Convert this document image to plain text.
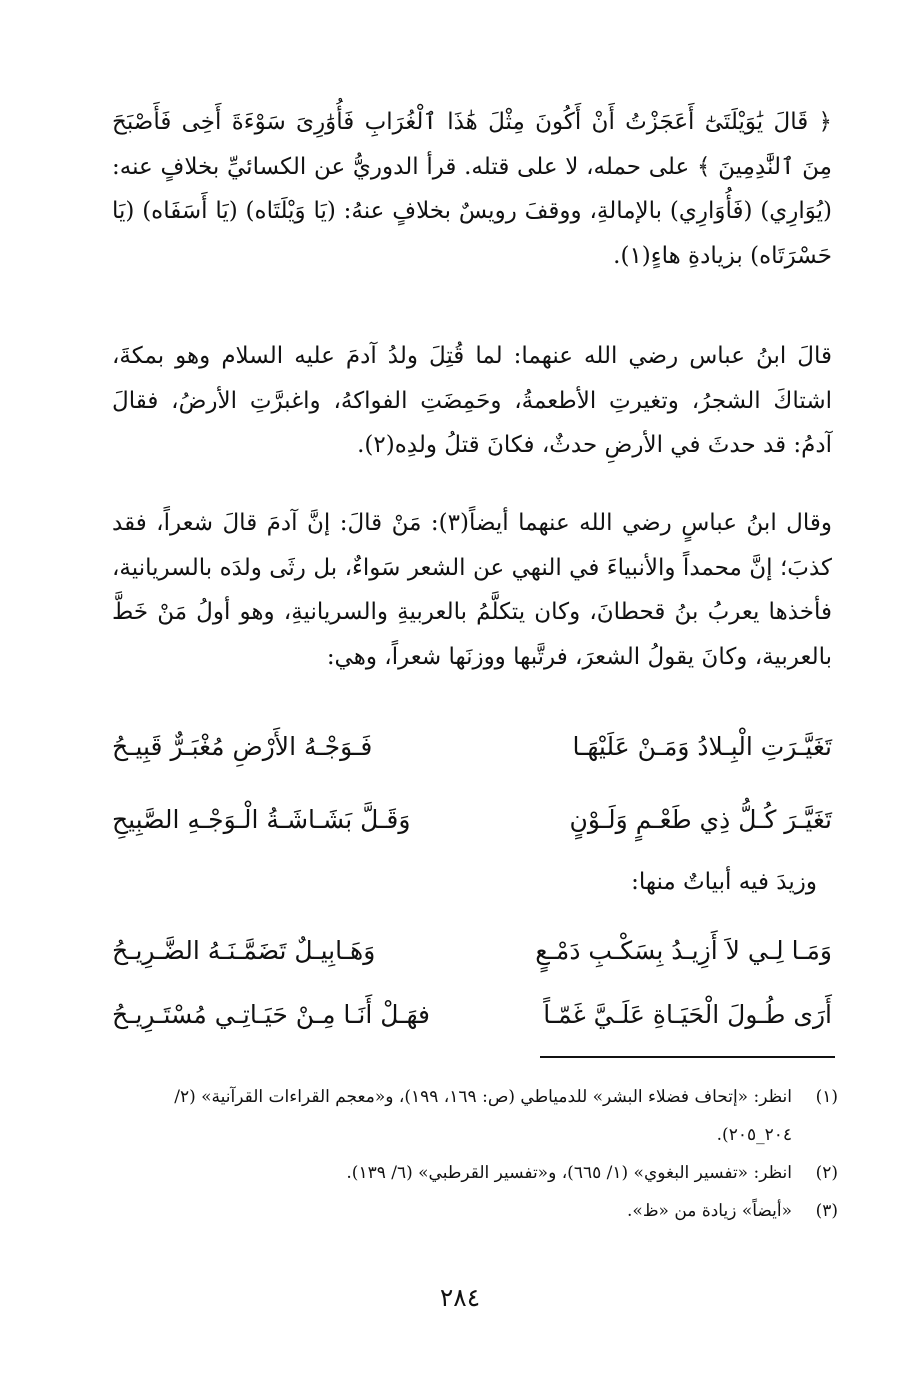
﴿ قَالَ يَٰوَيْلَتَىٰٓ أَعَجَزْتُ أَنْ أَكُونَ مِثْلَ هَٰذَا ٱلْغُرَابِ فَأُوَٰرِىَ سَوْءَةَ أَخِى فَأَصْبَحَ مِنَ ٱلنَّٰدِمِينَ ﴾ على حمله، لا على قتله. قرأ الدوريُّ عن الكسائيِّ بخلافٍ عنه: (يُوَارِي) (فَأُوَارِي) بالإمالةِ، ووقفَ رويسٌ بخلافٍ عنهُ: (يَا وَيْلَتَاه) (يَا أَسَفَاه) (يَا حَسْرَتَاه) بزيادةِ هاءٍ(١).
قالَ ابنُ عباس رضي الله عنهما: لما قُتِلَ ولدُ آدمَ عليه السلام وهو بمكةَ، اشتاكَ الشجرُ، وتغيرتِ الأطعمةُ، وحَمِضَتِ الفواكهُ، واغبرَّتِ الأرضُ، فقالَ آدمُ: قد حدثَ في الأرضِ حدثٌ، فكانَ قتلُ ولدِه(٢).
وقال ابنُ عباسٍ رضي الله عنهما أيضاً(٣): مَنْ قالَ: إنَّ آدمَ قالَ شعراً، فقد كذبَ؛ إنَّ محمداً والأنبياءَ في النهي عن الشعر سَواءٌ، بل رثَى ولدَه بالسريانية، فأخذها يعربُ بنُ قحطانَ، وكان يتكلَّمُ بالعربيةِ والسريانيةِ، وهو أولُ مَنْ خَطَّ بالعربية، وكانَ يقولُ الشعرَ، فرتَّبها ووزنَها شعراً، وهي:
تَغَيَّـرَتِ الْبِـلادُ وَمَـنْ عَلَيْهَـا
فَـوَجْـهُ الأَرْضِ مُغْبَـرٌّ قَبِيـحُ
تَغَيَّـرَ كُـلُّ ذِي طَعْـمٍ وَلَـوْنٍ
وَقَـلَّ بَشَـاشَـةُ الْـوَجْـهِ الصَّبِيحِ
وزيدَ فيه أبياتٌ منها:
وَمَـا لِـي لاَ أَزِيـدُ بِسَكْـبِ دَمْـعٍ
وَهَـابِيـلٌ تَضَمَّـنَـهُ الضَّـرِيـحُ
أَرَى طُـولَ الْحَيَـاةِ عَلَـيَّ غَمّـاً
فهَـلْ أَنَـا مِـنْ حَيَـاتِـي مُسْتَـرِيـحُ
(١)
انظر: «إتحاف فضلاء البشر» للدمياطي (ص: ١٦٩، ١٩٩)، و«معجم القراءات القرآنية» (٢/ ٢٠٤_٢٠٥).
(٢)
انظر: «تفسير البغوي» (١/ ٦٦٥)، و«تفسير القرطبي» (٦/ ١٣٩).
(٣)
«أيضاً» زيادة من «ظ».
٢٨٤
